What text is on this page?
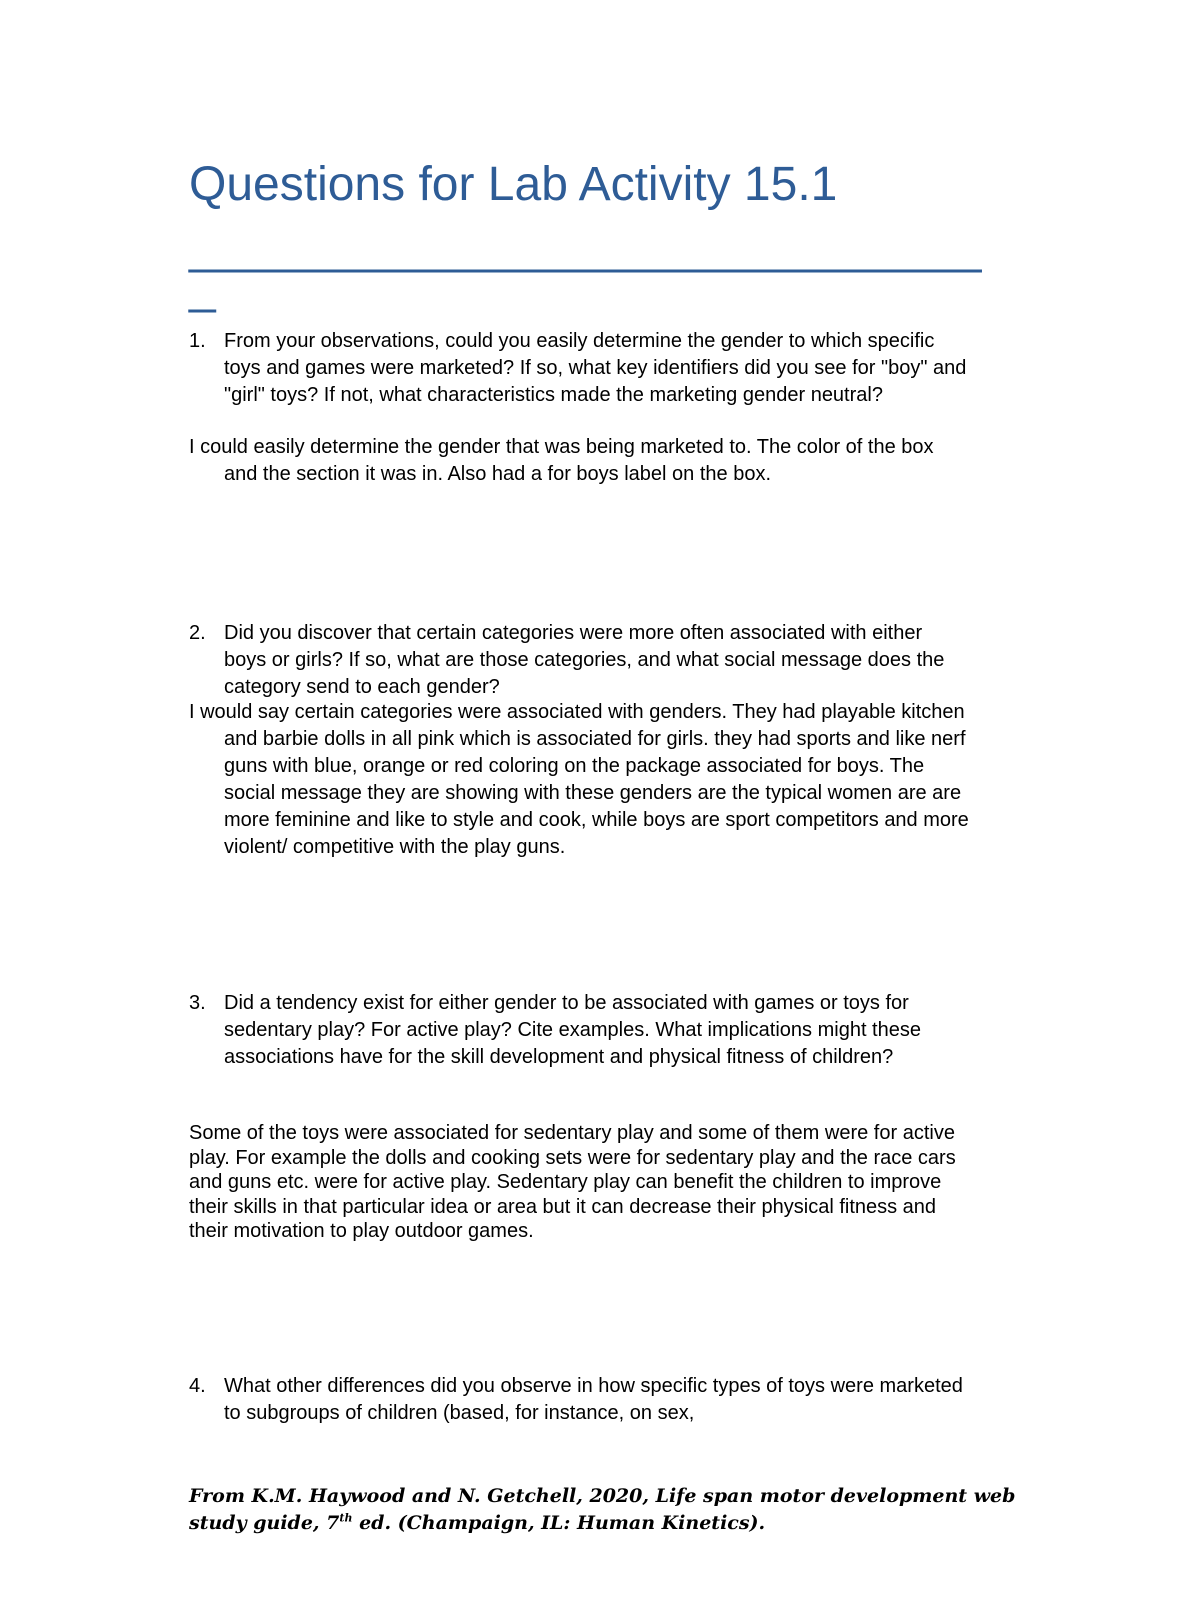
Questions for Lab Activity 15.1
______________________________________
_
1. From your observations, could you easily determine the gender to which specific toys and games were marketed? If so, what key identifiers did you see for "boy" and "girl" toys? If not, what characteristics made the marketing gender neutral?
I could easily determine the gender that was being marketed to. The color of the box and the section it was in. Also had a for boys label on the box.
2. Did you discover that certain categories were more often associated with either boys or girls? If so, what are those categories, and what social message does the category send to each gender?
I would say certain categories were associated with genders. They had playable kitchen and barbie dolls in all pink which is associated for girls. they had sports and like nerf guns with blue, orange or red coloring on the package associated for boys. The social message they are showing with these genders are the typical women are are more feminine and like to style and cook, while boys are sport competitors and more violent/ competitive with the play guns.
3. Did a tendency exist for either gender to be associated with games or toys for sedentary play? For active play? Cite examples. What implications might these associations have for the skill development and physical fitness of children?
Some of the toys were associated for sedentary play and some of them were for active play. For example the dolls and cooking sets were for sedentary play and the race cars and guns etc. were for active play. Sedentary play can benefit the children to improve their skills in that particular idea or area but it can decrease their physical fitness and their motivation to play outdoor games.
4. What other differences did you observe in how specific types of toys were marketed to subgroups of children (based, for instance, on sex,
From K.M. Haywood and N. Getchell, 2020, Life span motor development web study guide, 7th ed. (Champaign, IL: Human Kinetics).
